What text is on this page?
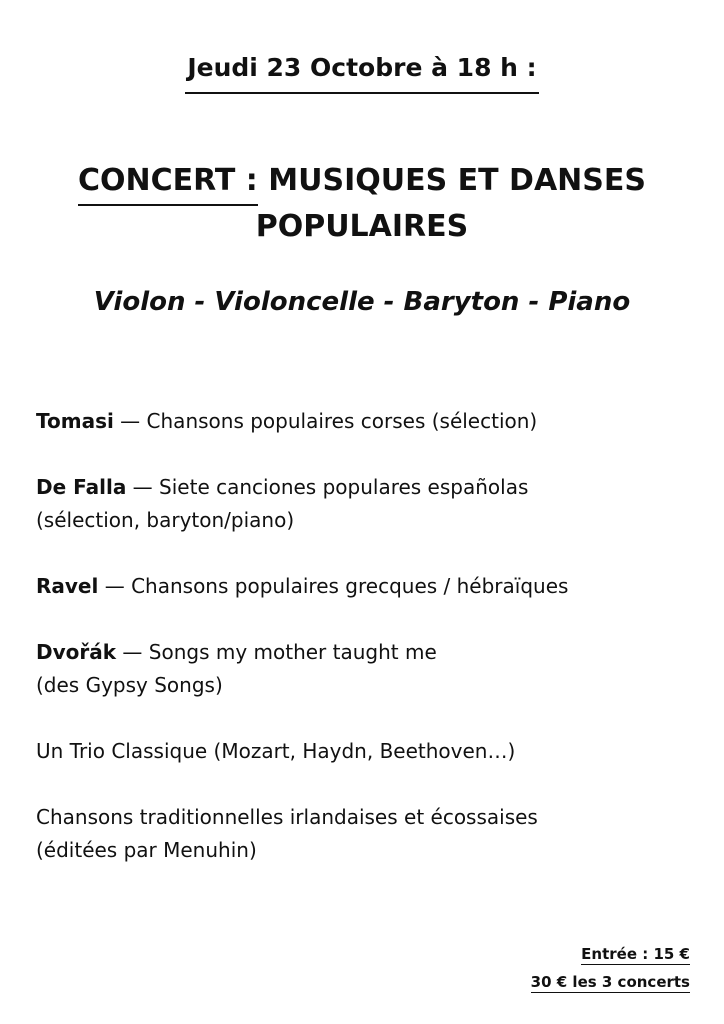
Jeudi 23 Octobre à 18 h :
CONCERT : MUSIQUES ET DANSES
POPULAIRES
Violon - Violoncelle - Baryton - Piano
Tomasi — Chansons populaires corses (sélection)
De Falla — Siete canciones populares españolas
(sélection, baryton/piano)
Ravel — Chansons populaires grecques / hébraïques
Dvořák — Songs my mother taught me
(des Gypsy Songs)
Un Trio Classique (Mozart, Haydn, Beethoven…)
Chansons traditionnelles irlandaises et écossaises
(éditées par Menuhin)
Entrée : 15 €
30 € les 3 concerts
